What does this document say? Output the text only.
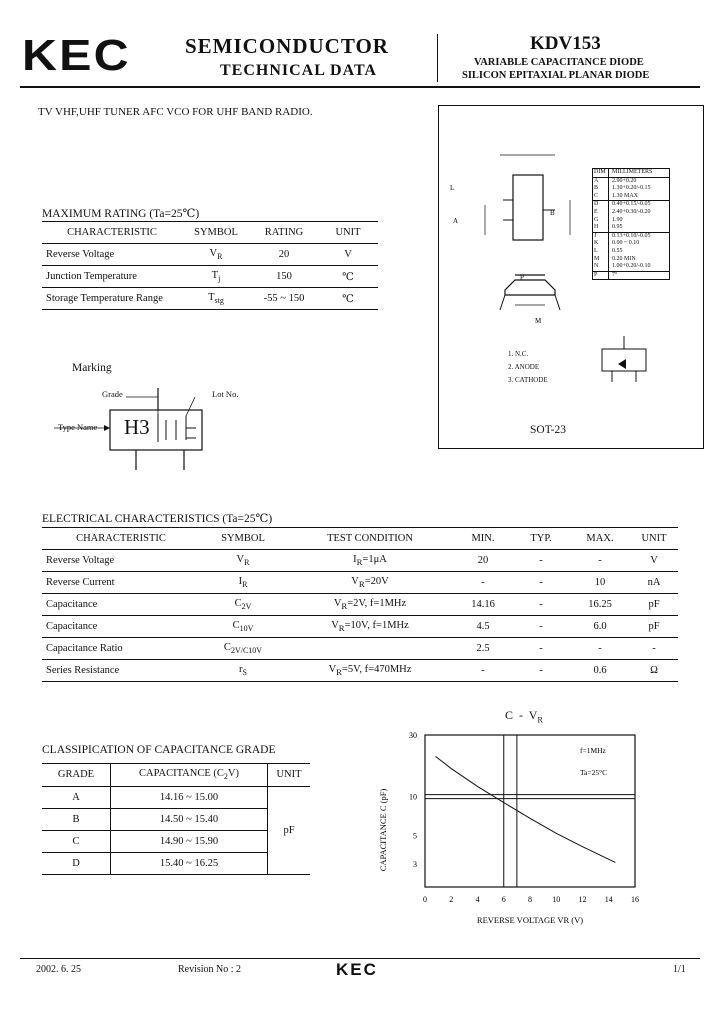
KEC	SEMICONDUCTOR
TECHNICAL DATA
KDV153
VARIABLE CAPACITANCE DIODE
SILICON EPITAXIAL PLANAR DIODE
TV VHF,UHF TUNER AFC VCO FOR UHF BAND RADIO.
MAXIMUM RATING (Ta=25℃)
CHARACTERISTIC	SYMBOL	RATING	UNIT
Reverse Voltage	$V_R$	20	V
Junction Temperature	$T_j$	150	℃
Storage Temperature Range	$T_{stg}$	-55 ~ 150	℃
Marking
Grade	Lot No.
Type Name H3
L
A
B
P
M
1. N.C.
2. ANODE
3. CATHODE
SOT-23
DIM	MILLIMETERS
A	2.90+0.20
B	1.30+0.20/-0.15
C	1.30 MAX
D	0.40+0.15/-0.05
E	2.40+0.30/-0.20
G	1.90
H	0.95
J	0.13+0.10/-0.05
K	0.00 ~ 0.10
L	0.55
M	0.20 MIN
N	1.00+0.20/-0.10
P	7°
ELECTRICAL CHARACTERISTICS (Ta=25℃)
CHARACTERISTIC	SYMBOL	TEST CONDITION	MIN.	TYP.	MAX.	UNIT
Reverse Voltage	$V_R$	$I_R=1\mu A$	20	-	-	V
Reverse Current	$I_R$	$V_R=20V$	-	-	10	nA
Capacitance	$C_{2V}$	$V_R=2V$, f=1MHz	14.16	-	16.25	pF
Capacitance	$C_{10V}$	$V_R=10V$, f=1MHz	4.5	-	6.0	pF
Capacitance Ratio	$C_{2V/C10V}$		2.5	-	-	-
Series Resistance	$r_S$	$V_R=5V$, f=470MHz	-	-	0.6	Ω
CLASSIPICATION OF CAPACITANCE GRADE
GRADE	CAPACITANCE $(C_2V)$	UNIT
A	14.16 ~ 15.00	pF
B	14.50 ~ 15.40	
C	14.90 ~ 15.90	
D	15.40 ~ 16.25	
C  -  $V_R$
CAPACITANCE C (pF)
REVERSE VOLTAGE VR (V)
30
10
5
3
0	2	4	6	8	10 12 14 16
f=1MHz
Ta=25°C
2002. 6. 25	Revision No : 2	KEC	1/1
